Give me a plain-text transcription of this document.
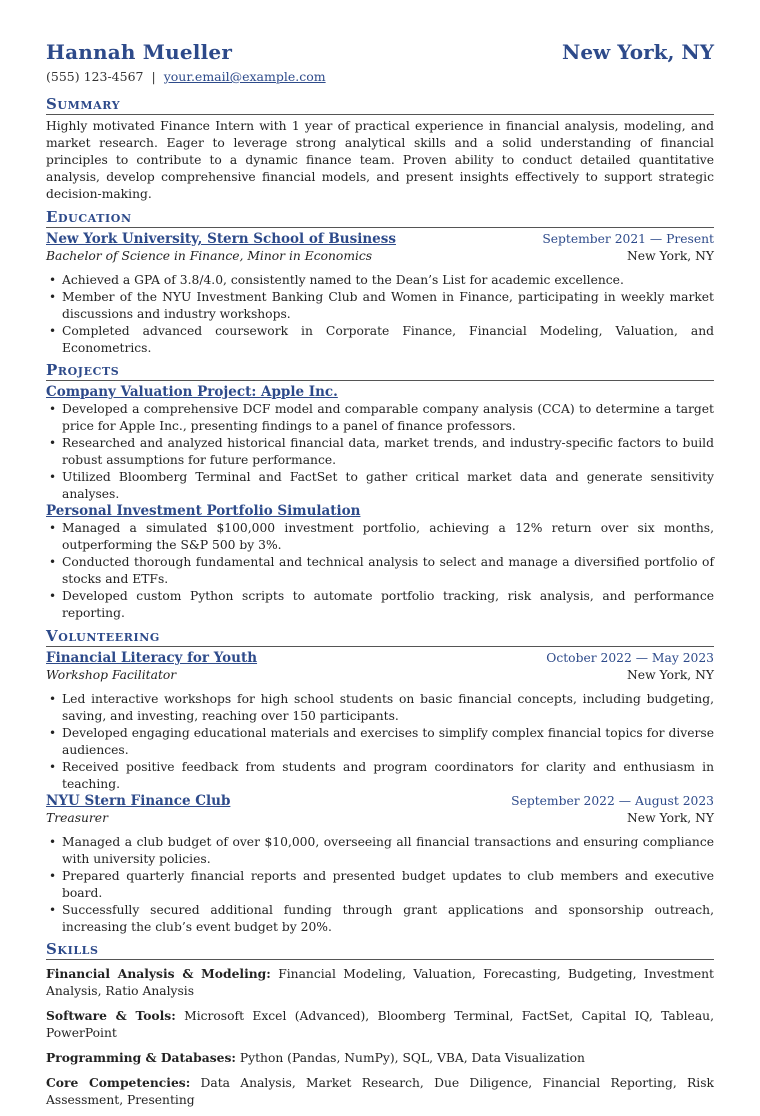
Hannah Mueller	New York, NY
(555) 123-4567 | your.email@example.com
Summary

Highly motivated Finance Intern with 1 year of practical experience in financial analysis, modeling, and market research. Eager to leverage strong analytical skills and a solid understanding of financial principles to contribute to a dynamic finance team. Proven ability to conduct detailed quantitative analysis, develop comprehensive financial models, and present insights effectively to support strategic decision-making.

Education
New York University, Stern School of Business	September 2021 — Present
Bachelor of Science in Finance, Minor in Economics	New York, NY
• Achieved a GPA of 3.8/4.0, consistently named to the Dean’s List for academic excellence.
• Member of the NYU Investment Banking Club and Women in Finance, participating in weekly market discussions and industry workshops.
• Completed advanced coursework in Corporate Finance, Financial Modeling, Valuation, and Econometrics.
Projects
Company Valuation Project: Apple Inc.
• Developed a comprehensive DCF model and comparable company analysis (CCA) to determine a target price for Apple Inc., presenting findings to a panel of finance professors.
• Researched and analyzed historical financial data, market trends, and industry-specific factors to build robust assumptions for future performance.
• Utilized Bloomberg Terminal and FactSet to gather critical market data and generate sensitivity analyses.
Personal Investment Portfolio Simulation
• Managed a simulated $100,000 investment portfolio, achieving a 12% return over six months, outperforming the S&P 500 by 3%.
• Conducted thorough fundamental and technical analysis to select and manage a diversified portfolio of stocks and ETFs.
• Developed custom Python scripts to automate portfolio tracking, risk analysis, and performance reporting.
Volunteering
Financial Literacy for Youth	October 2022 — May 2023
Workshop Facilitator	New York, NY
• Led interactive workshops for high school students on basic financial concepts, including budgeting, saving, and investing, reaching over 150 participants.
• Developed engaging educational materials and exercises to simplify complex financial topics for diverse audiences.
• Received positive feedback from students and program coordinators for clarity and enthusiasm in teaching.
NYU Stern Finance Club	September 2022 — August 2023
Treasurer	New York, NY
• Managed a club budget of over $10,000, overseeing all financial transactions and ensuring compliance with university policies.
• Prepared quarterly financial reports and presented budget updates to club members and executive board.
• Successfully secured additional funding through grant applications and sponsorship outreach, increasing the club’s event budget by 20%.
Skills

Financial Analysis & Modeling: Financial Modeling, Valuation, Forecasting, Budgeting, Investment Analysis, Ratio Analysis

Software & Tools: Microsoft Excel (Advanced), Bloomberg Terminal, FactSet, Capital IQ, Tableau, PowerPoint

Programming & Databases: Python (Pandas, NumPy), SQL, VBA, Data Visualization

Core Competencies: Data Analysis, Market Research, Due Diligence, Financial Reporting, Risk Assessment, Presenting
